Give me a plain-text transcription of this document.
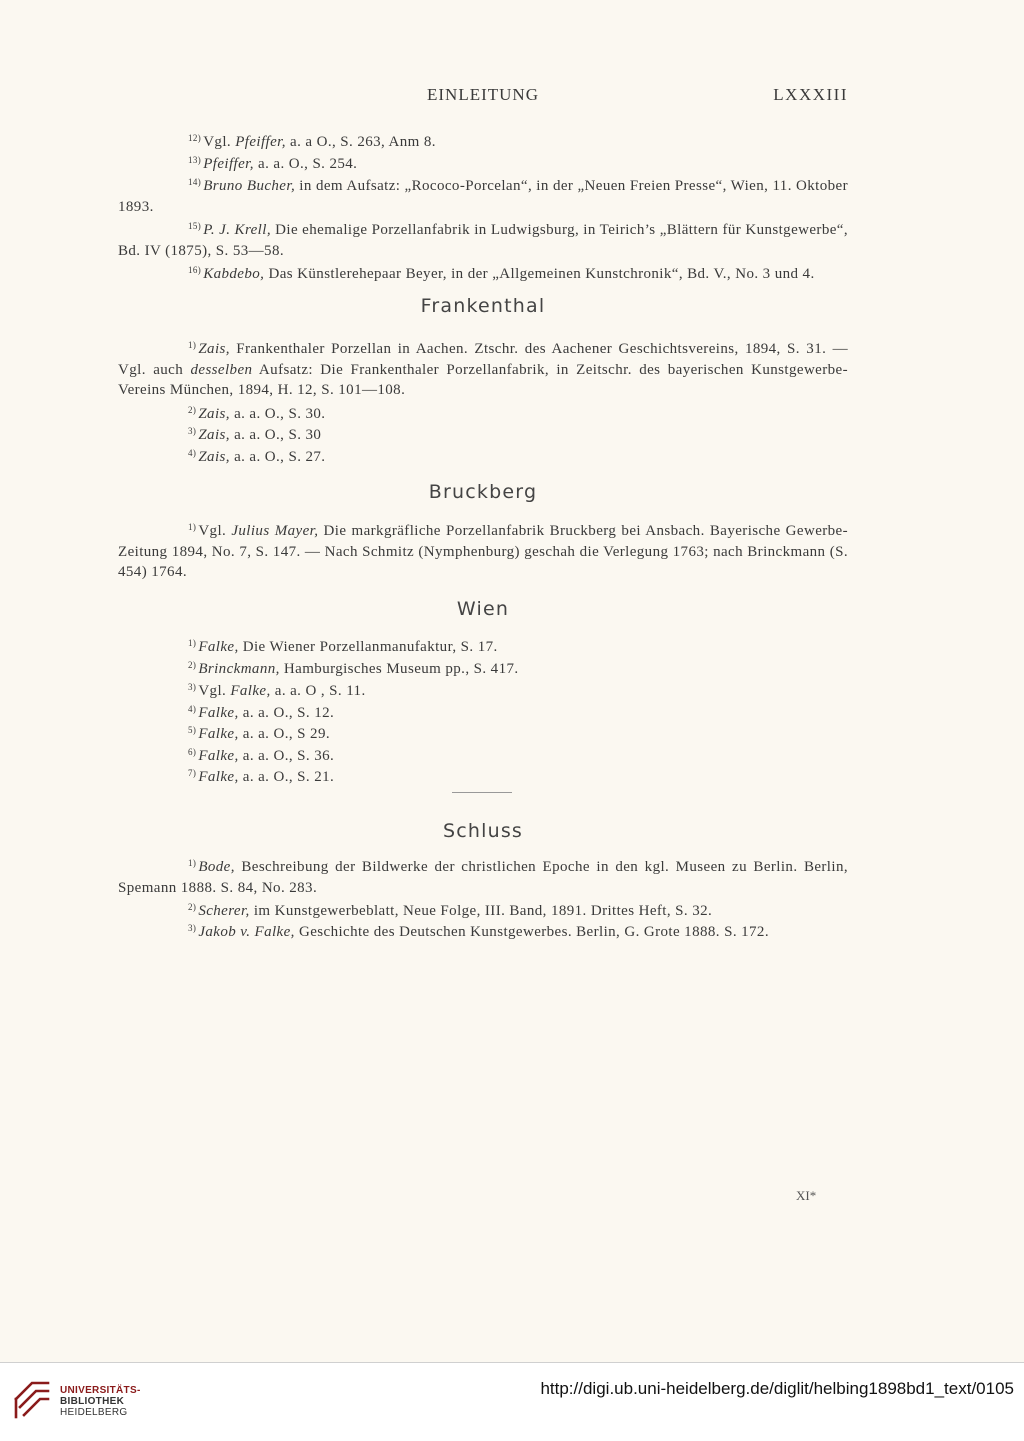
EINLEITUNG	LXXXIII
$^{12)}$ Vgl. Pfeiffer, a. a O., S. 263, Anm 8.
$^{13)}$ Pfeiffer, a. a. O., S. 254.
$^{14)}$ Bruno Bucher, in dem Aufsatz: „Rococo-Porcelan“, in der „Neuen Freien Presse“, Wien, 11. Oktober 1893.
$^{15)}$ P. J. Krell, Die ehemalige Porzellanfabrik in Ludwigsburg, in Teirich’s „Blättern für Kunstgewerbe“, Bd. IV (1875), S. 53—58.
$^{16)}$ Kabdebo, Das Künstlerehepaar Beyer, in der „Allgemeinen Kunstchronik“, Bd. V., No. 3 und 4.
Frankenthal
$^{1)}$ Zais, Frankenthaler Porzellan in Aachen. Ztschr. des Aachener Geschichtsvereins, 1894, S. 31. — Vgl. auch desselben Aufsatz: Die Frankenthaler Porzellanfabrik, in Zeitschr. des bayerischen Kunstgewerbe-Vereins München, 1894, H. 12, S. 101—108.
$^{2)}$ Zais, a. a. O., S. 30.
$^{3)}$ Zais, a. a. O., S. 30
$^{4)}$ Zais, a. a. O., S. 27.
Bruckberg
$^{1)}$ Vgl. Julius Mayer, Die markgräfliche Porzellanfabrik Bruckberg bei Ansbach. Bayerische Gewerbe-Zeitung 1894, No. 7, S. 147. — Nach Schmitz (Nymphenburg) geschah die Verlegung 1763; nach Brinckmann (S. 454) 1764.
Wien
$^{1)}$ Falke, Die Wiener Porzellanmanufaktur, S. 17.
$^{2)}$ Brinckmann, Hamburgisches Museum pp., S. 417.
$^{3)}$ Vgl. Falke, a. a. O , S. 11.
$^{4)}$ Falke, a. a. O., S. 12.
$^{5)}$ Falke, a. a. O., S 29.
$^{6)}$ Falke, a. a. O., S. 36.
$^{7)}$ Falke, a. a. O., S. 21.
Schluss
$^{1)}$ Bode, Beschreibung der Bildwerke der christlichen Epoche in den kgl. Museen zu Berlin. Berlin, Spemann 1888. S. 84, No. 283.
$^{2)}$ Scherer, im Kunstgewerbeblatt, Neue Folge, III. Band, 1891. Drittes Heft, S. 32.
$^{3)}$ Jakob v. Falke, Geschichte des Deutschen Kunstgewerbes. Berlin, G. Grote 1888. S. 172.
XI*
UNIVERSITÄTS-
BIBLIOTHEK
HEIDELBERG
http://digi.ub.uni-heidelberg.de/diglit/helbing1898bd1_text/0105
